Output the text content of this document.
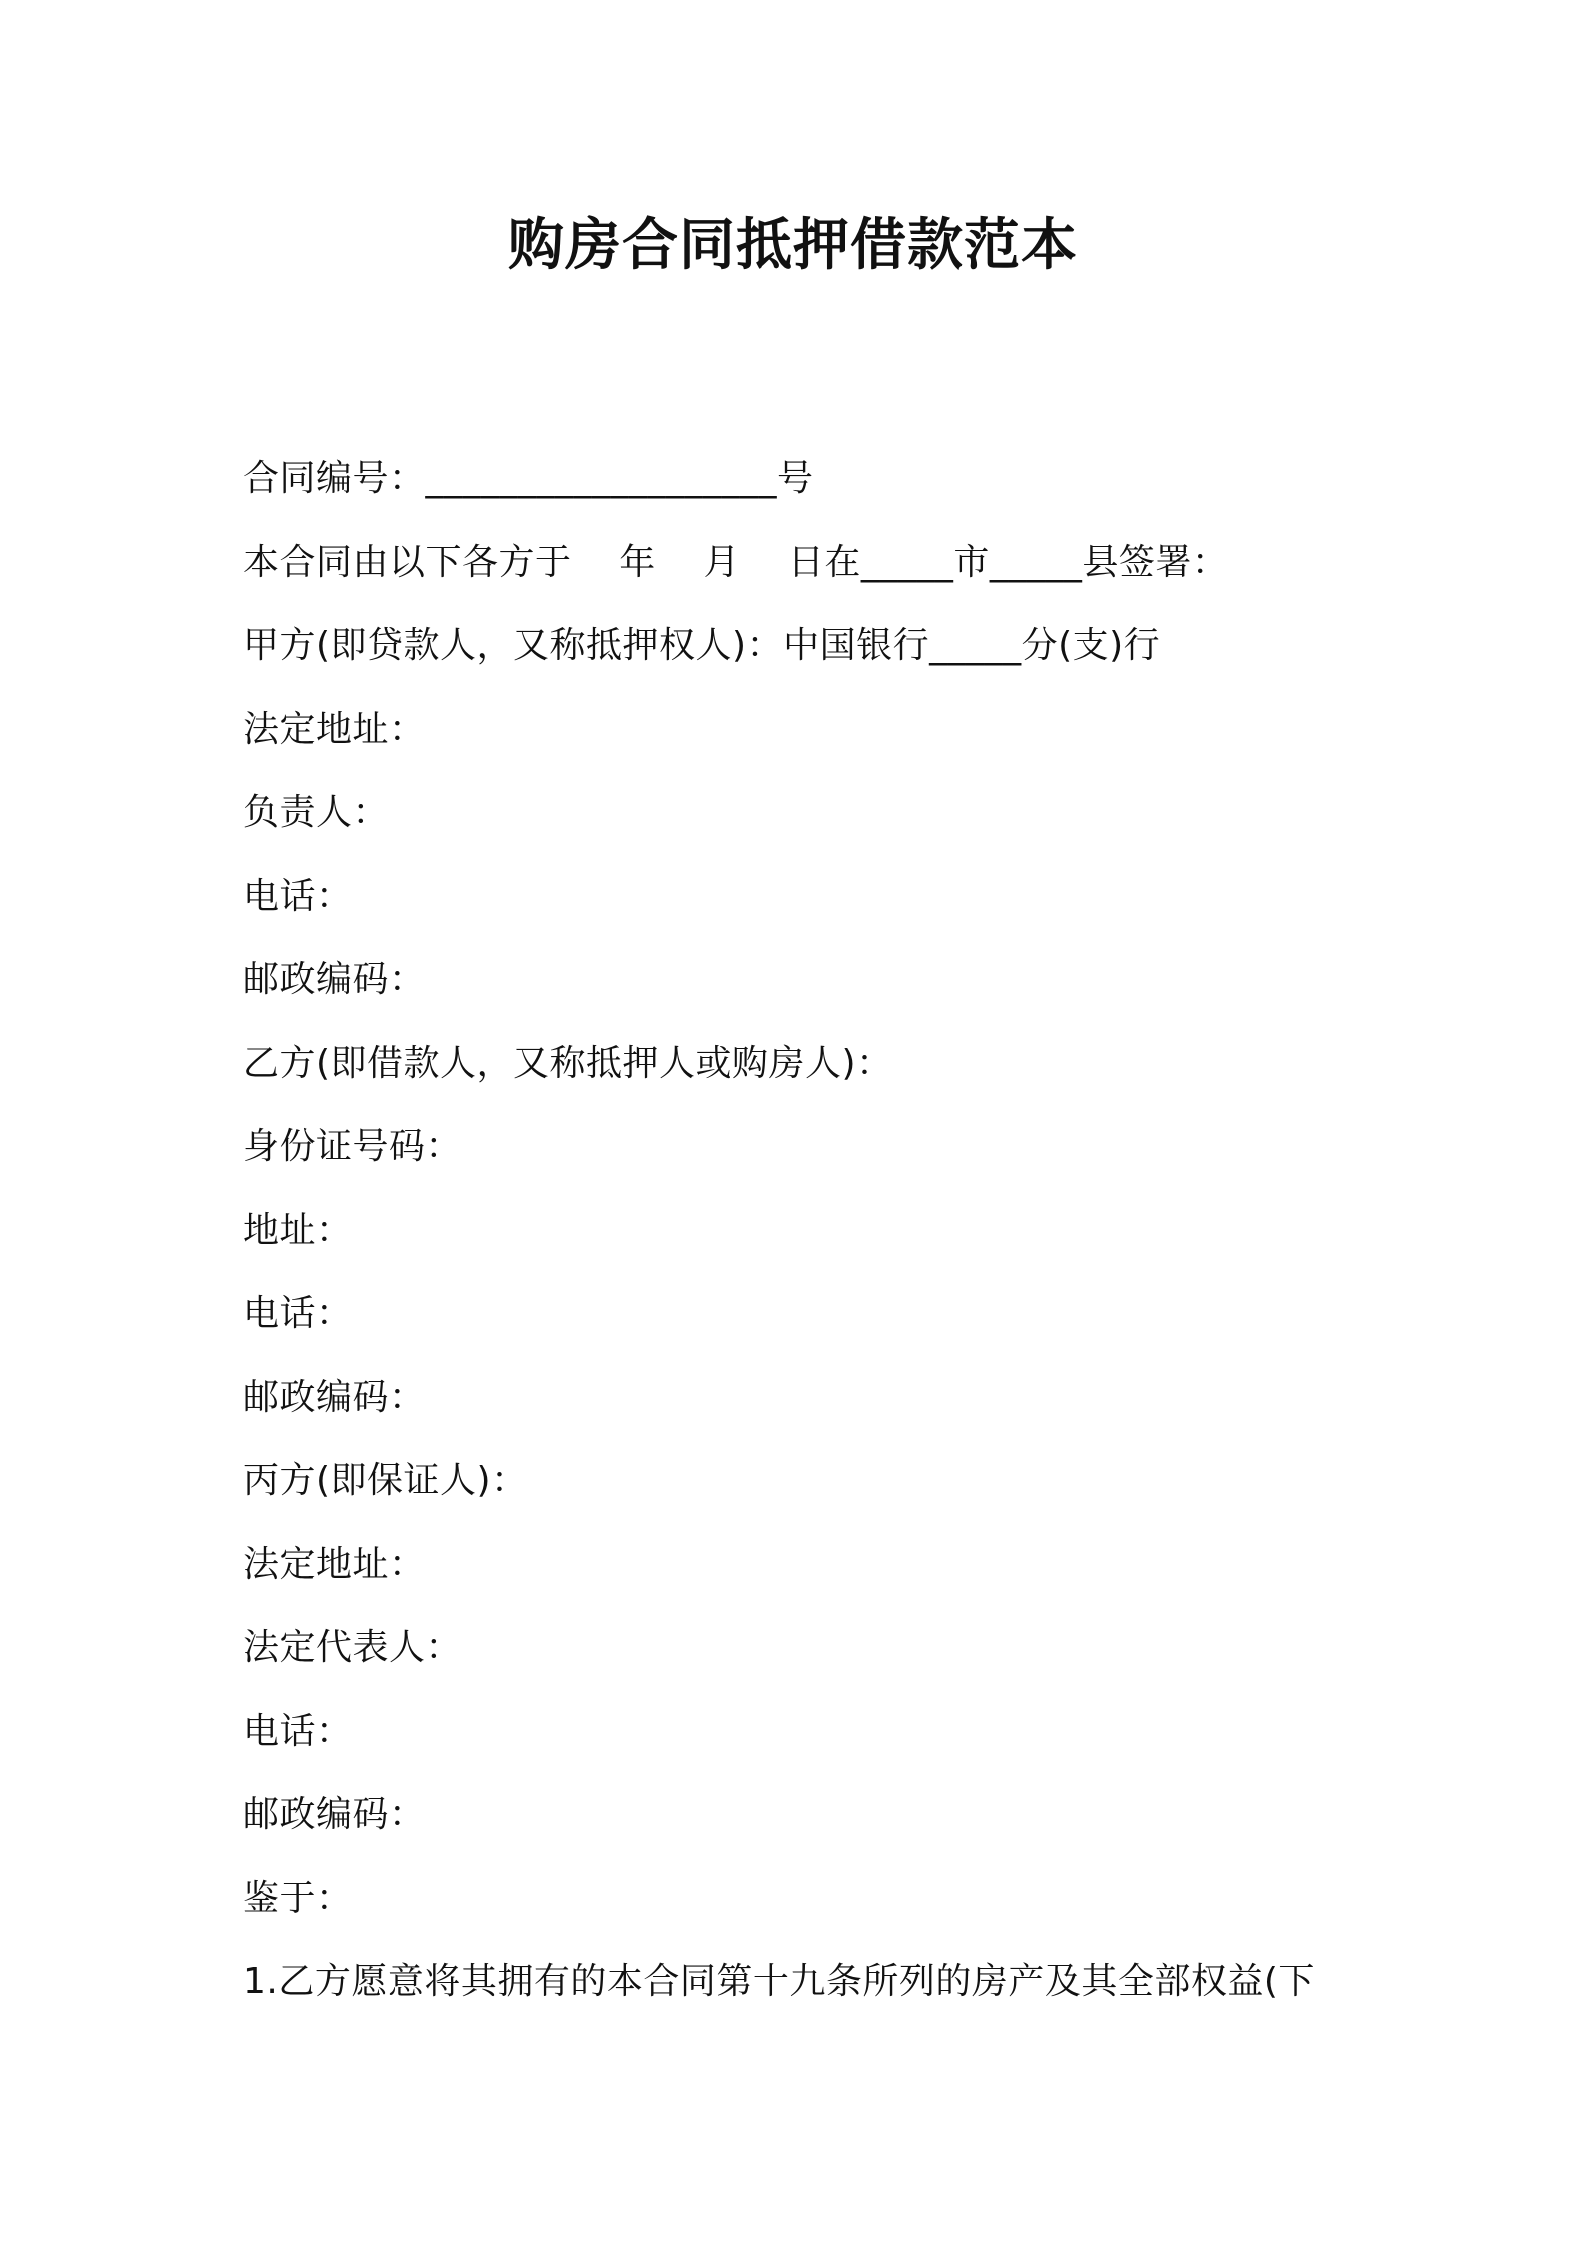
购房合同抵押借款范本
合同编号：___________________号
本合同由以下各方于    年    月    日在_____市_____县签署：
甲方(即贷款人，又称抵押权人)：中国银行_____分(支)行
法定地址：
负责人：
电话：
邮政编码：
乙方(即借款人，又称抵押人或购房人)：
身份证号码：
地址：
电话：
邮政编码：
丙方(即保证人)：
法定地址：
法定代表人：
电话：
邮政编码：
鉴于：
1.乙方愿意将其拥有的本合同第十九条所列的房产及其全部权益(下
